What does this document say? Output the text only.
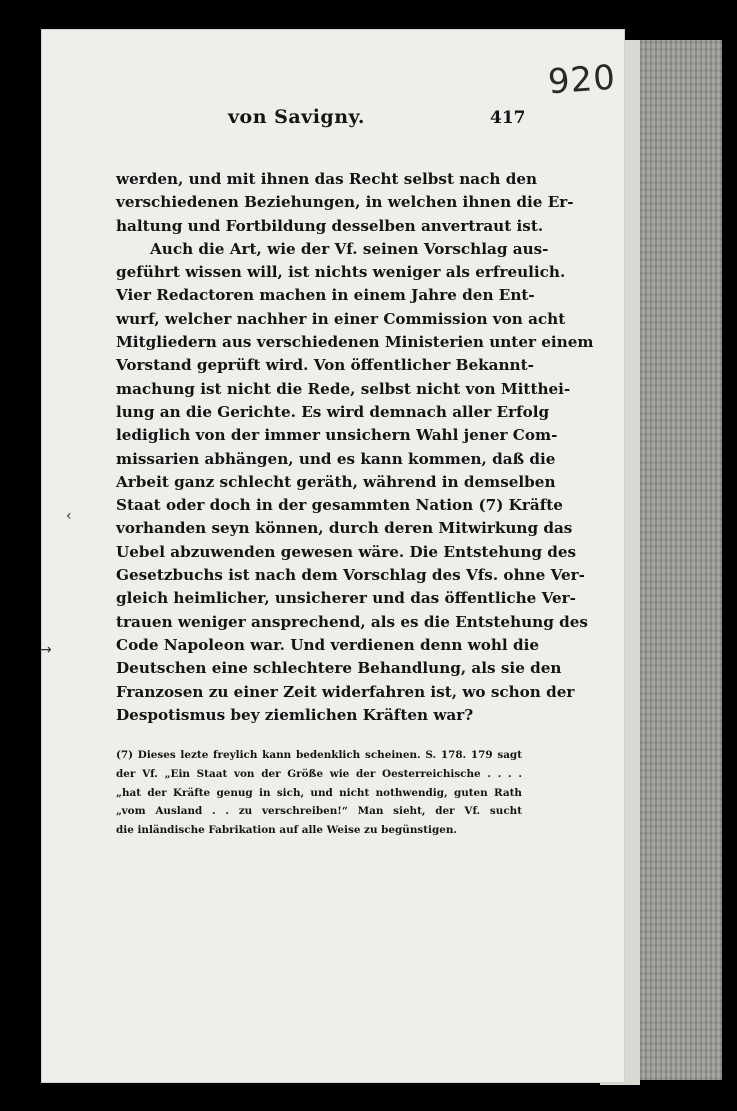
920
von Savigny.	417
werden, und mit ihnen das Recht selbst nach den
verschiedenen Beziehungen, in welchen ihnen die Er-
haltung und Fortbildung desselben anvertraut ist.
Auch die Art, wie der Vf. seinen Vorschlag aus-
geführt wissen will, ist nichts weniger als erfreulich.
Vier Redactoren machen in einem Jahre den Ent-
wurf, welcher nachher in einer Commission von acht
Mitgliedern aus verschiedenen Ministerien unter einem
Vorstand geprüft wird. Von öffentlicher Bekannt-
machung ist nicht die Rede, selbst nicht von Mitthei-
lung an die Gerichte. Es wird demnach aller Erfolg
lediglich von der immer unsichern Wahl jener Com-
missarien abhängen, und es kann kommen, daß die
Arbeit ganz schlecht geräth, während in demselben
Staat oder doch in der gesammten Nation (7) Kräfte
vorhanden seyn können, durch deren Mitwirkung das
Uebel abzuwenden gewesen wäre. Die Entstehung des
Gesetzbuchs ist nach dem Vorschlag des Vfs. ohne Ver-
gleich heimlicher, unsicherer und das öffentliche Ver-
trauen weniger ansprechend, als es die Entstehung des
Code Napoleon war. Und verdienen denn wohl die
Deutschen eine schlechtere Behandlung, als sie den
Franzosen zu einer Zeit widerfahren ist, wo schon der
Despotismus bey ziemlichen Kräften war?
(7) Dieses lezte freylich kann bedenklich scheinen. S. 178. 179 sagt
der Vf. „Ein Staat von der Größe wie der Oesterreichische . . . .
„hat der Kräfte genug in sich, und nicht nothwendig, guten Rath
„vom Ausland . . zu verschreiben!“ Man sieht, der Vf. sucht
die inländische Fabrikation auf alle Weise zu begünstigen.
‹
→
